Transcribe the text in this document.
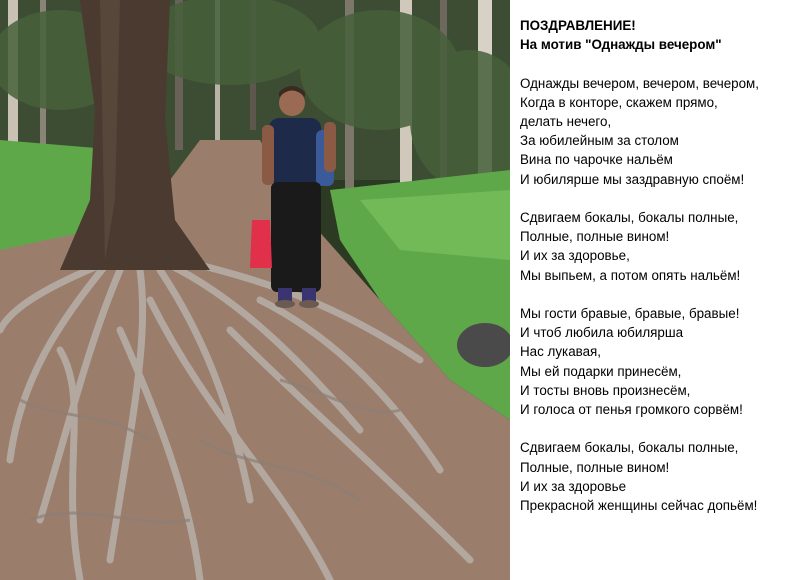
ПОЗДРАВЛЕНИЕ!
На мотив "Однажды вечером"
Однажды вечером, вечером, вечером,
Когда в конторе, скажем прямо,
делать нечего,
За юбилейным за столом
Вина по чарочке нальём
И юбилярше мы заздравную споём!
Сдвигаем бокалы, бокалы полные,
Полные, полные вином!
И их за здоровье,
Мы выпьем, а потом опять нальём!
Мы гости бравые, бравые, бравые!
И чтоб любила юбилярша
Нас лукавая,
Мы ей подарки принесём,
И тосты вновь произнесём,
И голоса от пенья громкого сорвём!
Сдвигаем бокалы, бокалы полные,
Полные, полные вином!
И их за здоровье
Прекрасной женщины сейчас допьём!
